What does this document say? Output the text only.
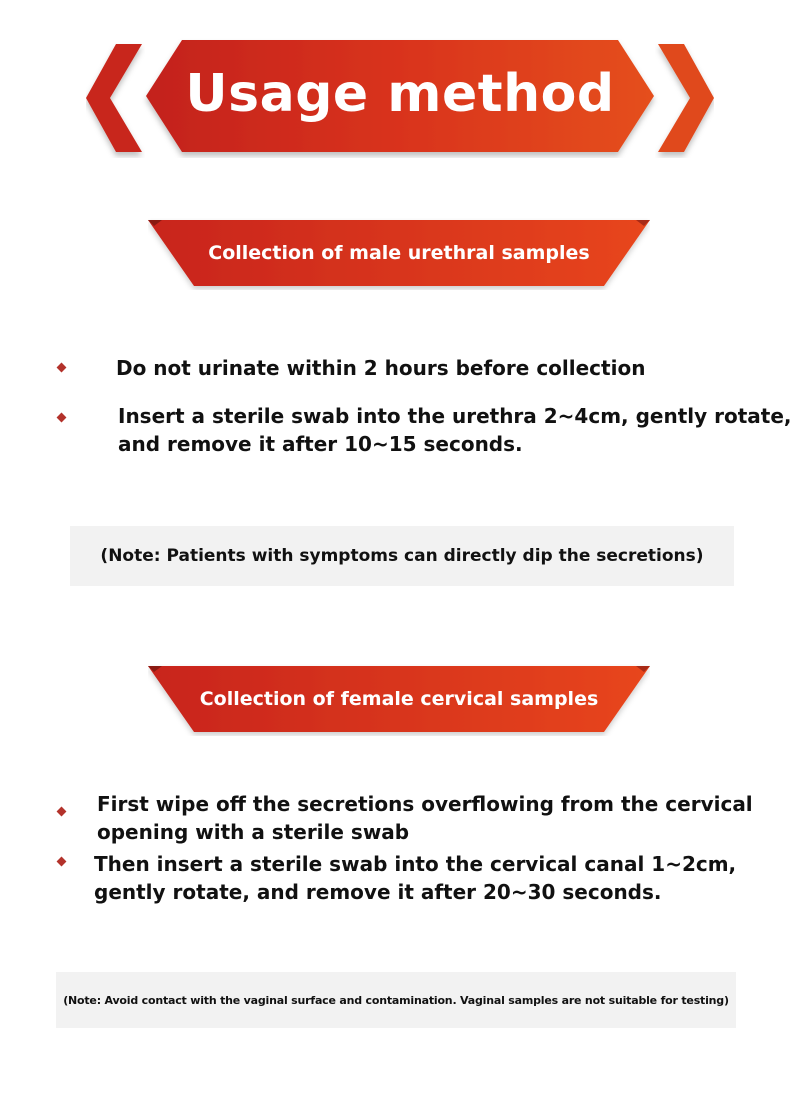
Usage method
Collection of male urethral samples
Do not urinate within 2 hours before collection
Insert a sterile swab into the urethra 2~4cm, gently rotate,
and remove it after 10~15 seconds.
(Note: Patients with symptoms can directly dip the secretions)
Collection of female cervical samples
First wipe off the secretions overflowing from the cervical
opening with a sterile swab
Then insert a sterile swab into the cervical canal 1~2cm,
gently rotate, and remove it after 20~30 seconds.
(Note: Avoid contact with the vaginal surface and contamination. Vaginal samples are not suitable for testing)
